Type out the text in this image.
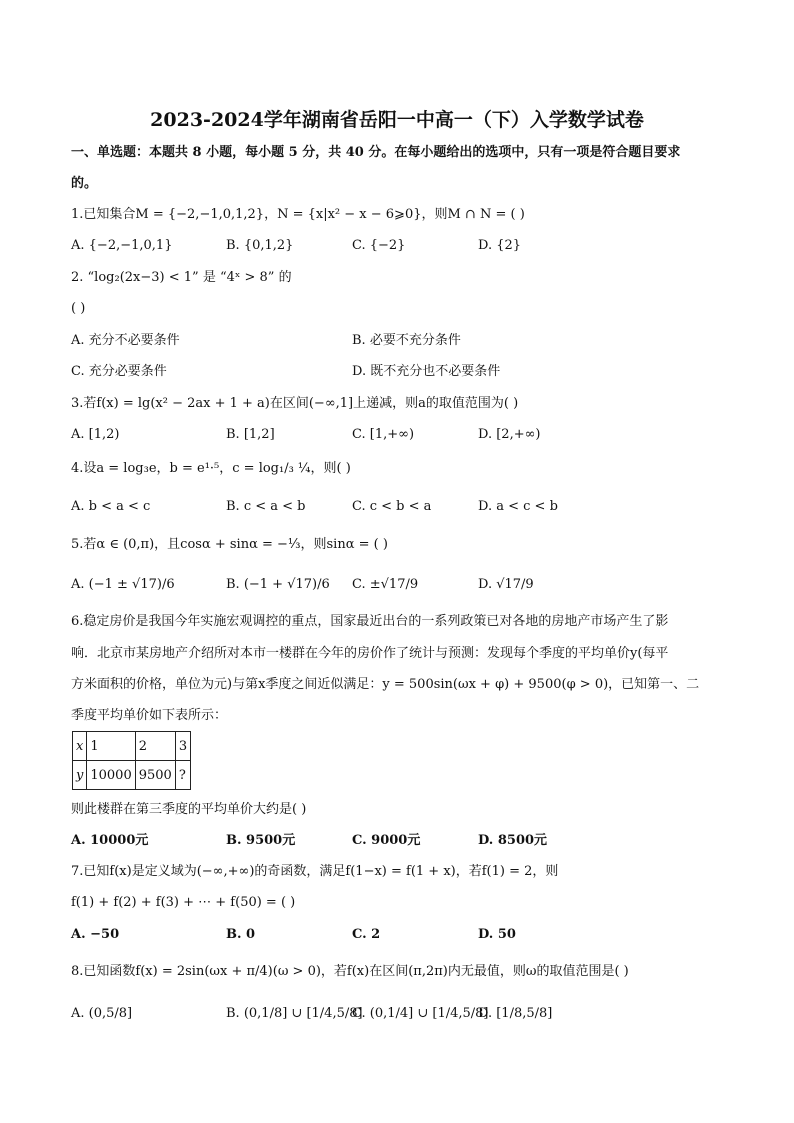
2023-2024学年湖南省岳阳一中高一（下）入学数学试卷
一、单选题：本题共 8 小题，每小题 5 分，共 40 分。在每小题给出的选项中，只有一项是符合题目要求
的。
1.已知集合M = {−2,−1,0,1,2}，N = {x|x² − x − 6⩾0}，则M ∩ N = ( )
A. {−2,−1,0,1}	B. {0,1,2}	C. {−2}	D. {2}
2. “log₂(2x−3) < 1” 是 “4ˣ > 8” 的
( )
A. 充分不必要条件	B. 必要不充分条件
C. 充分必要条件	D. 既不充分也不必要条件
3.若f(x) = lg(x² − 2ax + 1 + a)在区间(−∞,1]上递减，则a的取值范围为( )
A. [1,2)	B. [1,2]	C. [1,+∞)	D. [2,+∞)
4.设a = log₃e，b = e¹·⁵，c = log₁/₃ ¼，则( )
A. b < a < c	B. c < a < b	C. c < b < a	D. a < c < b
5.若α ∈ (0,π)，且cosα + sinα = −⅓，则sinα = ( )
A. (−1 ± √17)/6	B. (−1 + √17)/6 C. ±√17/9	D. √17/9
6.稳定房价是我国今年实施宏观调控的重点，国家最近出台的一系列政策已对各地的房地产市场产生了影
响．北京市某房地产介绍所对本市一楼群在今年的房价作了统计与预测：发现每个季度的平均单价y(每平
方米面积的价格，单位为元)与第x季度之间近似满足：y = 500sin(ωx + φ) + 9500(φ > 0)，已知第一、二
季度平均单价如下表所示：
x	1	2	3
y	10000	9500	?
则此楼群在第三季度的平均单价大约是( )
A. 10000元	B. 9500元	C. 9000元	D. 8500元
7.已知f(x)是定义域为(−∞,+∞)的奇函数，满足f(1−x) = f(1 + x)，若f(1) = 2，则
f(1) + f(2) + f(3) + ⋯ + f(50) = ( )
A. −50	B. 0	C. 2	D. 50
8.已知函数f(x) = 2sin(ωx + π/4)(ω > 0)，若f(x)在区间(π,2π)内无最值，则ω的取值范围是( )
A. (0,5/8]	B. (0,1/8] ∪ [1/4,5/8]
C. (0,1/4] ∪ [1/4,5/8]
D. [1/8,5/8]
